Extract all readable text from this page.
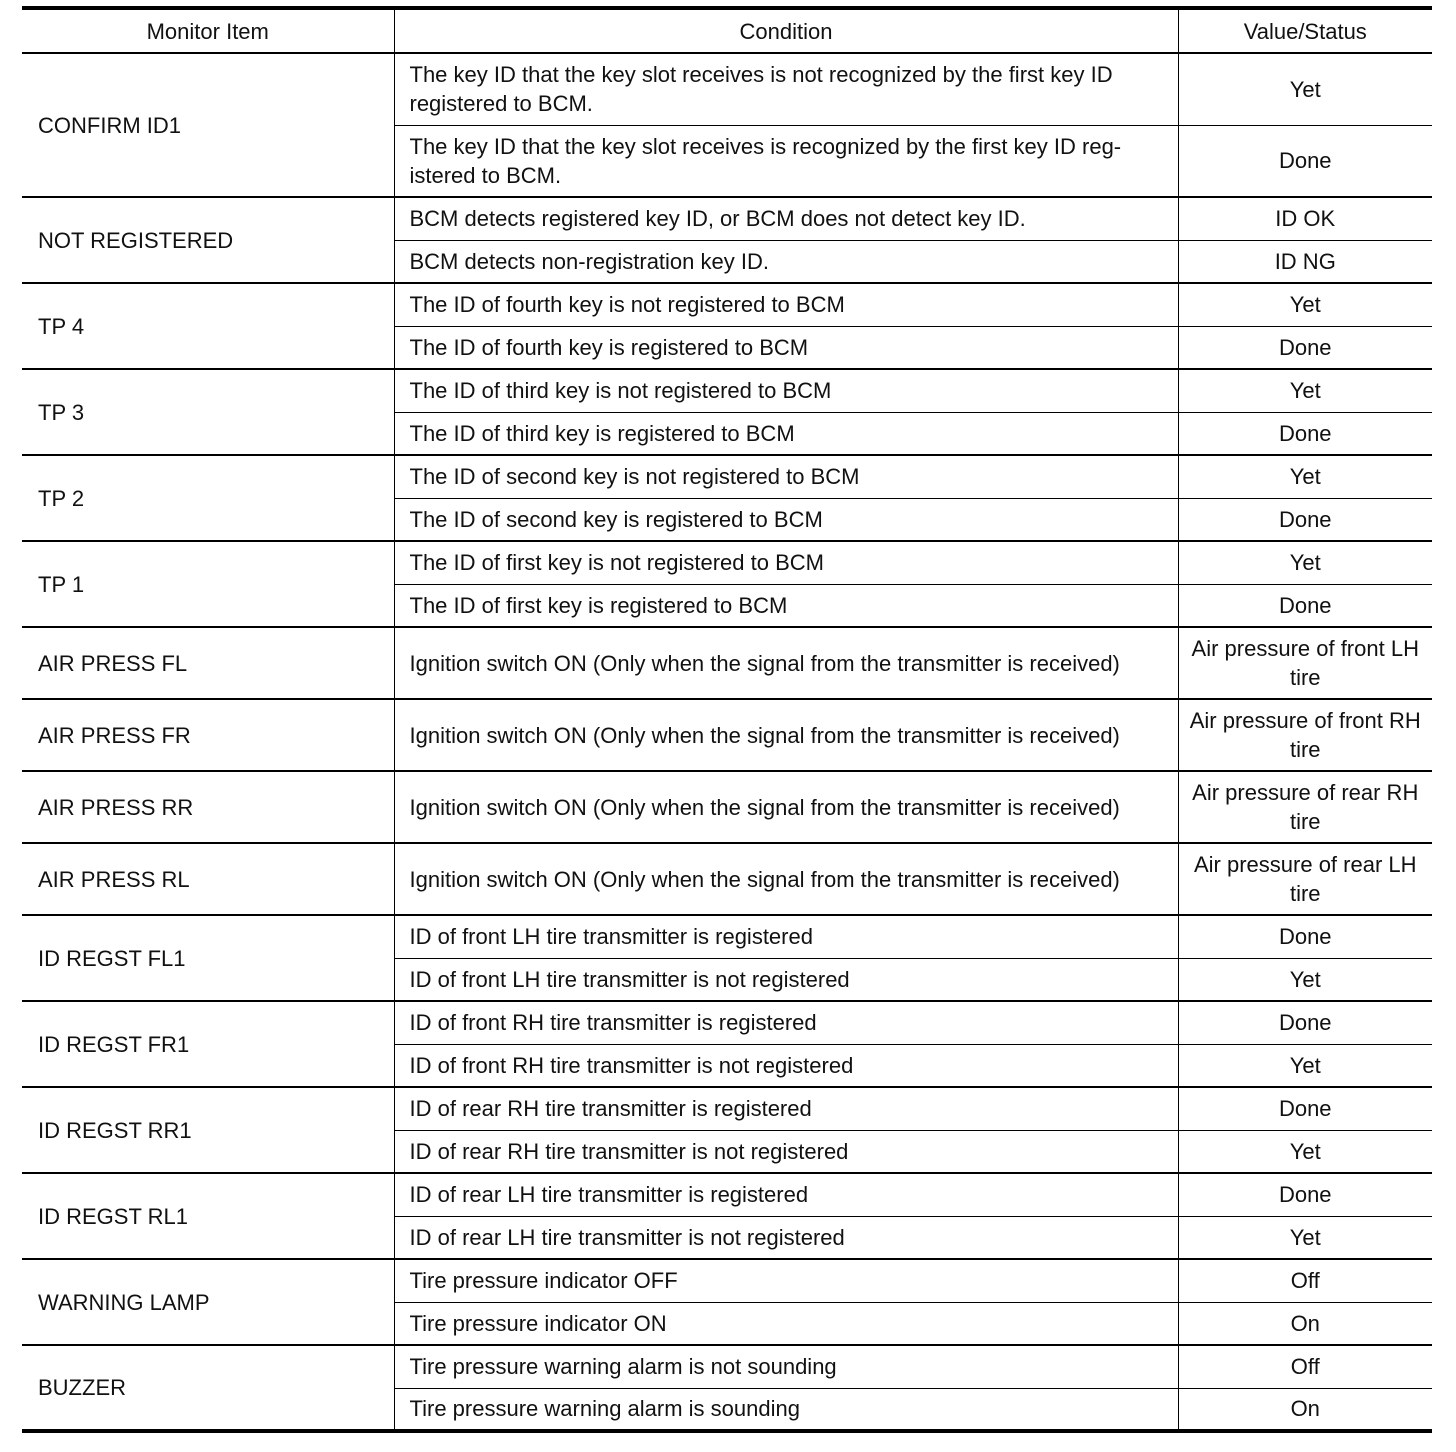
Monitor Item	Condition	Value/Status
CONFIRM ID1	The key ID that the key slot receives is not recognized by the first key ID registered to BCM.	Yet
	The key ID that the key slot receives is recognized by the first key ID reg-istered to BCM.	Done
NOT REGISTERED	BCM detects registered key ID, or BCM does not detect key ID.	ID OK
	BCM detects non-registration key ID.	ID NG
TP 4	The ID of fourth key is not registered to BCM	Yet
	The ID of fourth key is registered to BCM	Done
TP 3	The ID of third key is not registered to BCM	Yet
	The ID of third key is registered to BCM	Done
TP 2	The ID of second key is not registered to BCM	Yet
	The ID of second key is registered to BCM	Done
TP 1	The ID of first key is not registered to BCM	Yet
	The ID of first key is registered to BCM	Done
AIR PRESS FL	Ignition switch ON (Only when the signal from the transmitter is received)	Air pressure of front LH tire
AIR PRESS FR	Ignition switch ON (Only when the signal from the transmitter is received)	Air pressure of front RH tire
AIR PRESS RR	Ignition switch ON (Only when the signal from the transmitter is received)	Air pressure of rear RH tire
AIR PRESS RL	Ignition switch ON (Only when the signal from the transmitter is received)	Air pressure of rear LH tire
ID REGST FL1	ID of front LH tire transmitter is registered	Done
	ID of front LH tire transmitter is not registered	Yet
ID REGST FR1	ID of front RH tire transmitter is registered	Done
	ID of front RH tire transmitter is not registered	Yet
ID REGST RR1	ID of rear RH tire transmitter is registered	Done
	ID of rear RH tire transmitter is not registered	Yet
ID REGST RL1	ID of rear LH tire transmitter is registered	Done
	ID of rear LH tire transmitter is not registered	Yet
WARNING LAMP	Tire pressure indicator OFF	Off
	Tire pressure indicator ON	On
BUZZER	Tire pressure warning alarm is not sounding	Off
	Tire pressure warning alarm is sounding	On
